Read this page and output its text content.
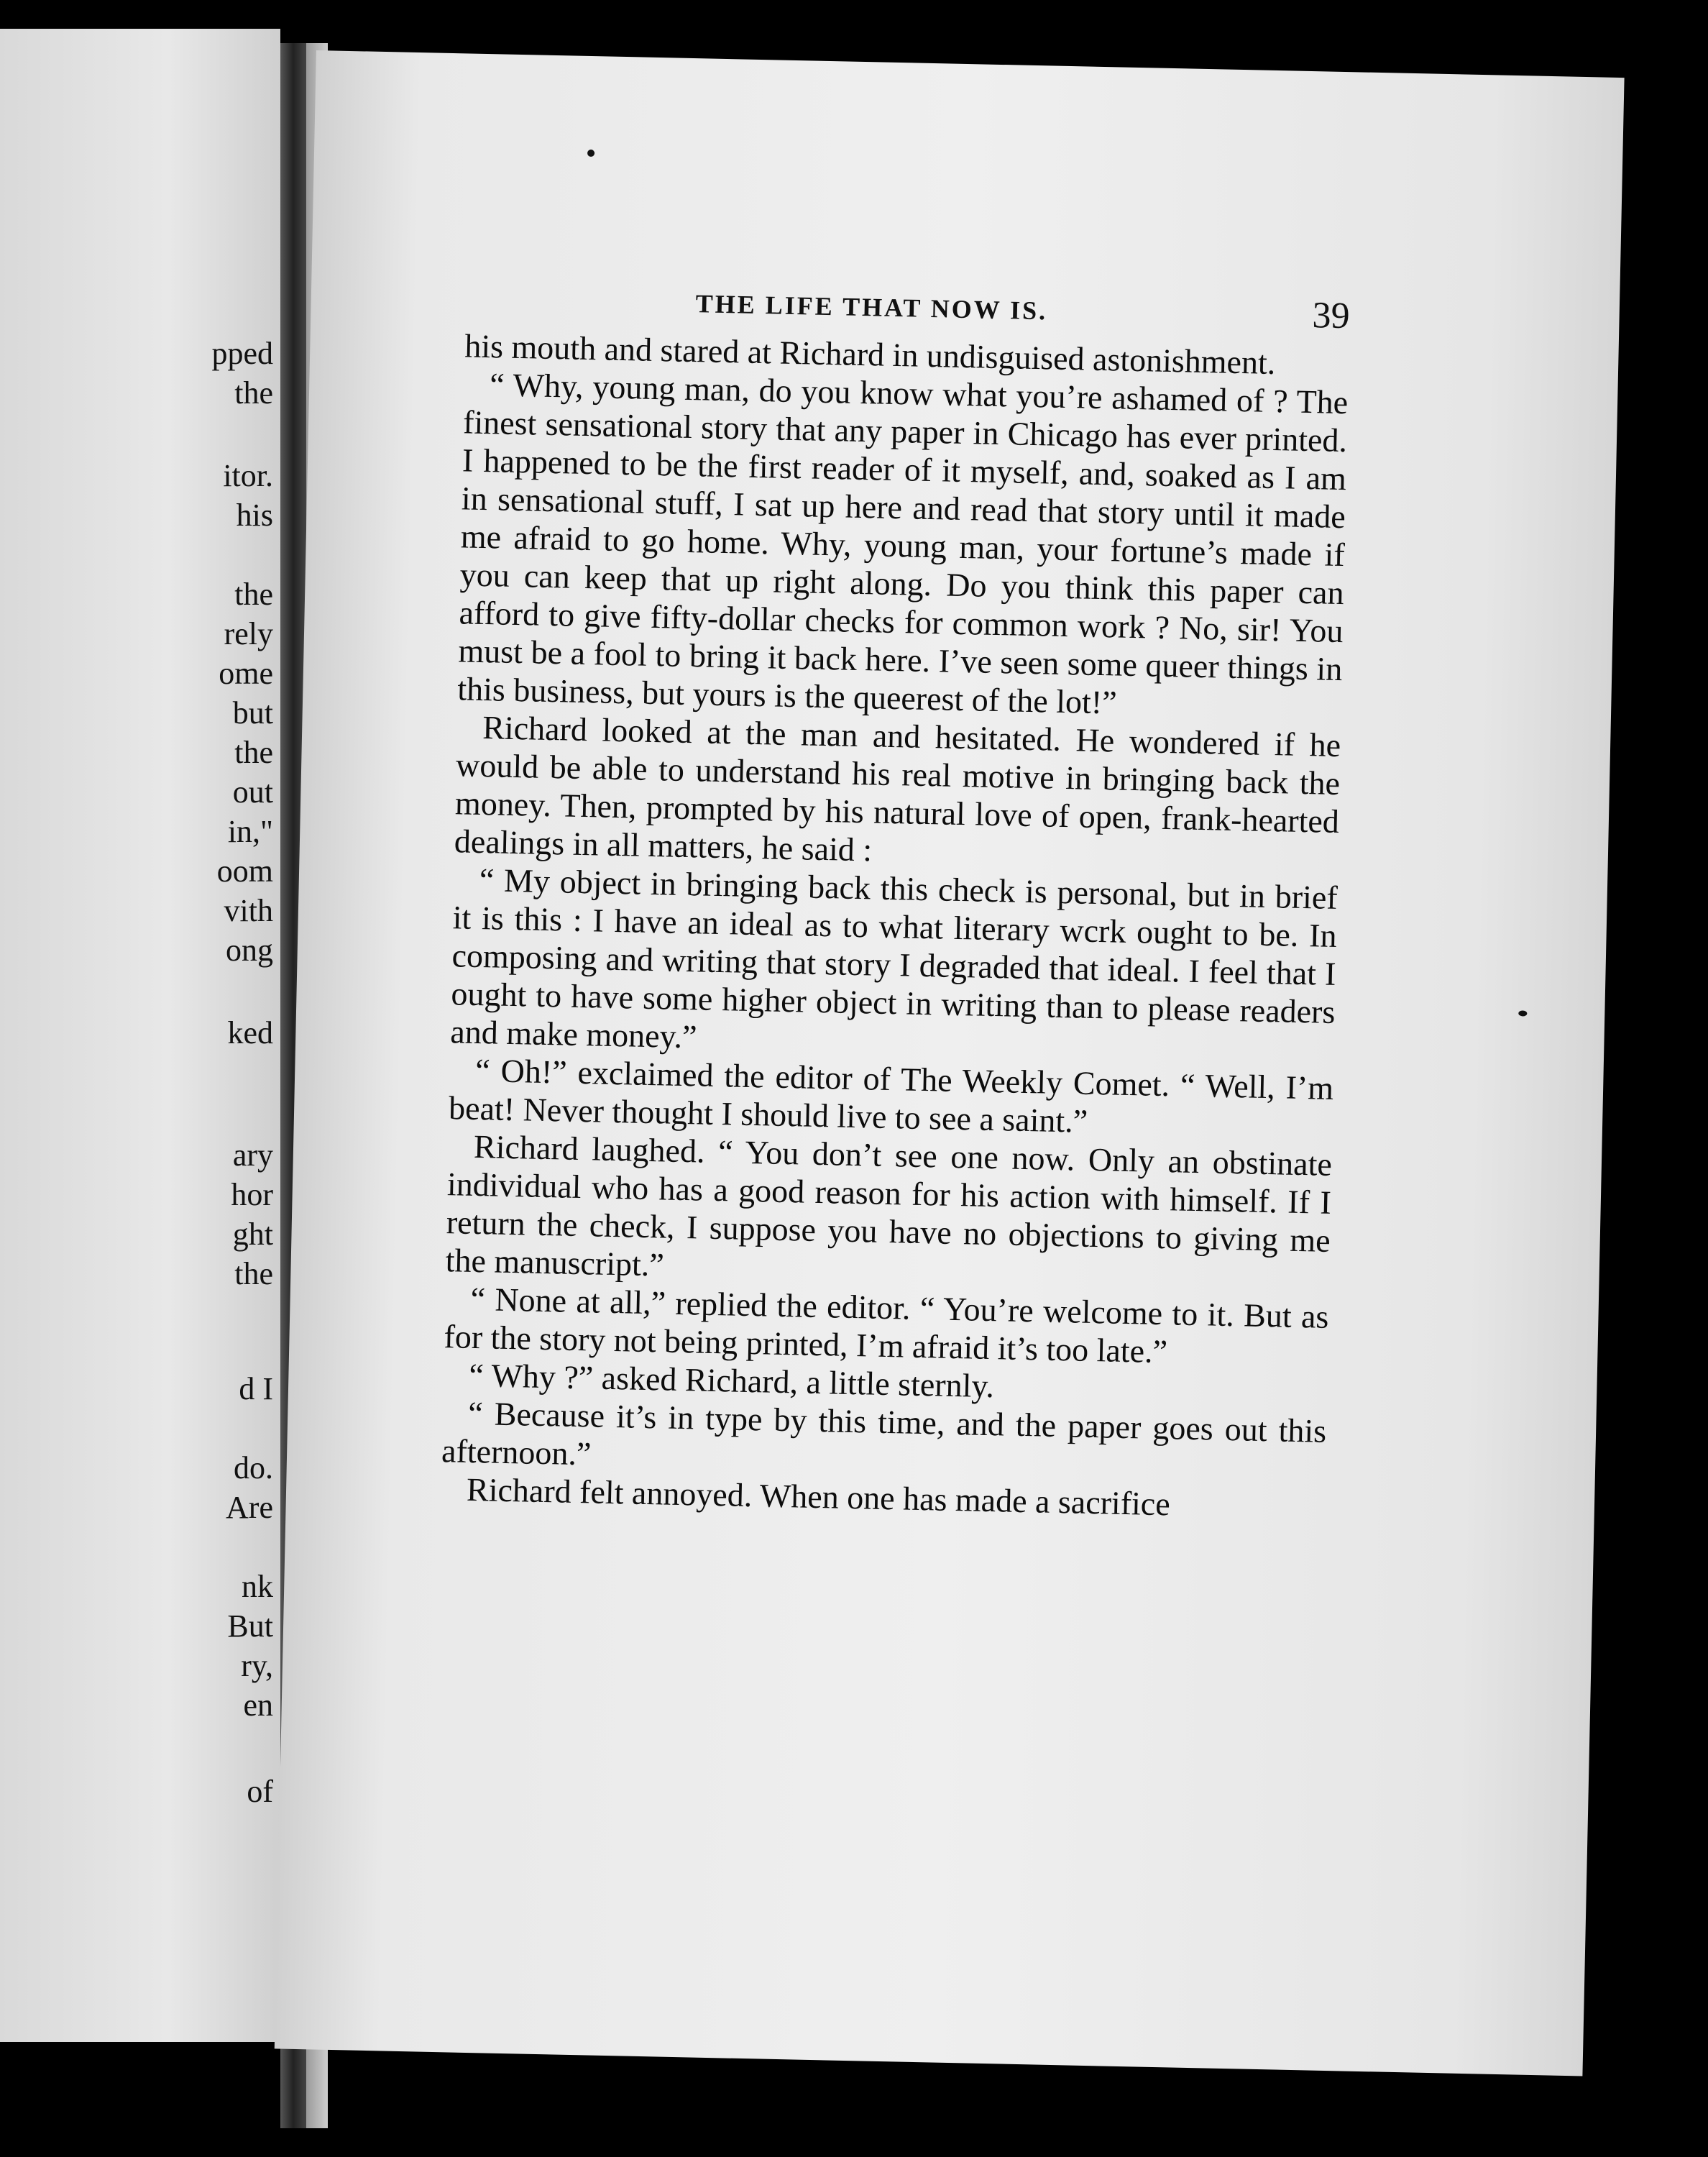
pped
the
itor.
his
the
rely
ome
but
the
out
in,"
oom
vith
ong
ked
ary
hor
ght
the
d I
do.
Are
nk
But
ry,
en
of
THE LIFE THAT NOW IS.	39

his mouth and stared at Richard in undisguised astonishment.

“ Why, young man, do you know what you’re ashamed of ? The finest sensational story that any paper in Chicago has ever printed. I happened to be the first reader of it myself, and, soaked as I am in sensational stuff, I sat up here and read that story until it made me afraid to go home. Why, young man, your fortune’s made if you can keep that up right along. Do you think this paper can afford to give fifty-dollar checks for common work ? No, sir! You must be a fool to bring it back here. I’ve seen some queer things in this business, but yours is the queerest of the lot!”

Richard looked at the man and hesitated. He wondered if he would be able to understand his real motive in bringing back the money. Then, prompted by his natural love of open, frank-hearted dealings in all matters, he said :

“ My object in bringing back this check is personal, but in brief it is this : I have an ideal as to what literary wcrk ought to be. In composing and writing that story I degraded that ideal. I feel that I ought to have some higher object in writing than to please readers and make money.”

“ Oh!” exclaimed the editor of The Weekly Comet. “ Well, I’m beat! Never thought I should live to see a saint.”

Richard laughed. “ You don’t see one now. Only an obstinate individual who has a good reason for his action with himself. If I return the check, I suppose you have no objections to giving me the manuscript.”

“ None at all,” replied the editor. “ You’re welcome to it. But as for the story not being printed, I’m afraid it’s too late.”

“ Why ?” asked Richard, a little sternly.

“ Because it’s in type by this time, and the paper goes out this afternoon.”

Richard felt annoyed. When one has made a sacrifice
